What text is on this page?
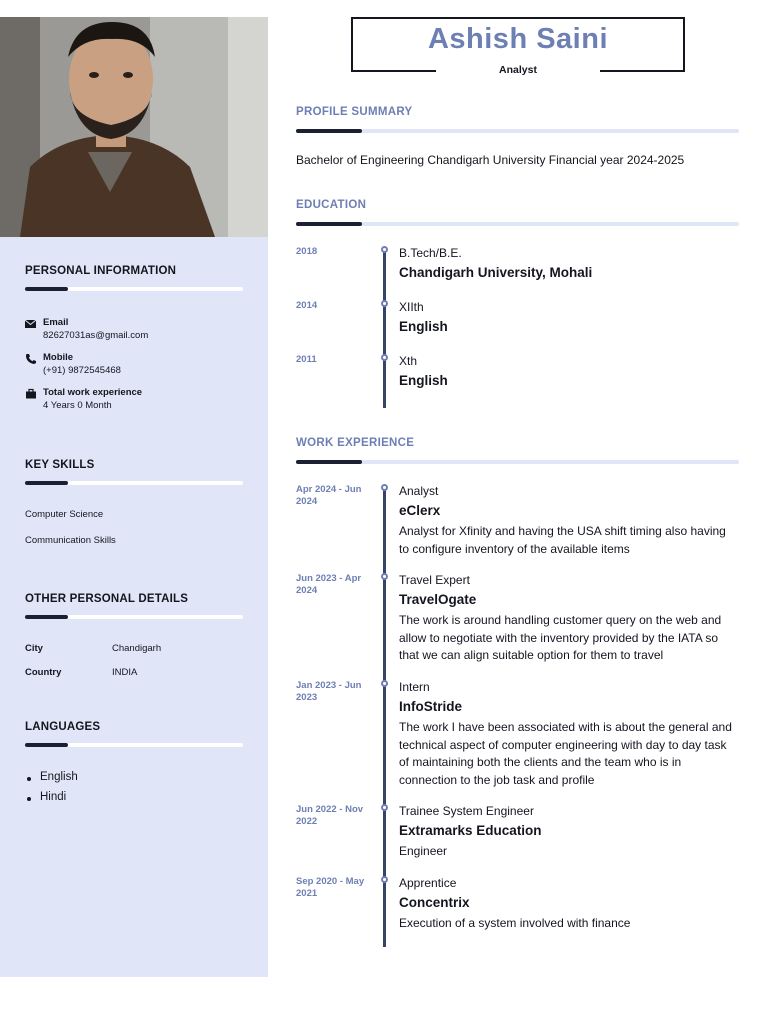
PERSONAL INFORMATION
Email
82627031as@gmail.com
Mobile
(+91) 9872545468
Total work experience
4 Years 0 Month
KEY SKILLS
Computer Science
Communication Skills
OTHER PERSONAL DETAILS
City	Chandigarh
Country	INDIA
LANGUAGES
English
Hindi
Ashish Saini
Analyst
PROFILE SUMMARY
Bachelor of Engineering Chandigarh University Financial year 2024-2025
EDUCATION
2018	B.Tech/B.E.
Chandigarh University, Mohali
2014	XIIth
English
2011	Xth
English
WORK EXPERIENCE
Apr 2024 - Jun 2024
Analyst
eClerx
Analyst for Xfinity and having the USA shift timing also having to configure inventory of the available items
Jun 2023 - Apr 2024
Travel Expert
TravelOgate
The work is around handling customer query on the web and allow to negotiate with the inventory provided by the IATA so that we can align suitable option for them to travel
Jan 2023 - Jun 2023
Intern
InfoStride
The work I have been associated with is about the general and technical aspect of computer engineering with day to day task of maintaining both the clients and the team who is in connection to the job task and profile
Jun 2022 - Nov 2022
Trainee System Engineer
Extramarks Education
Engineer
Sep 2020 - May 2021
Apprentice
Concentrix
Execution of a system involved with finance
